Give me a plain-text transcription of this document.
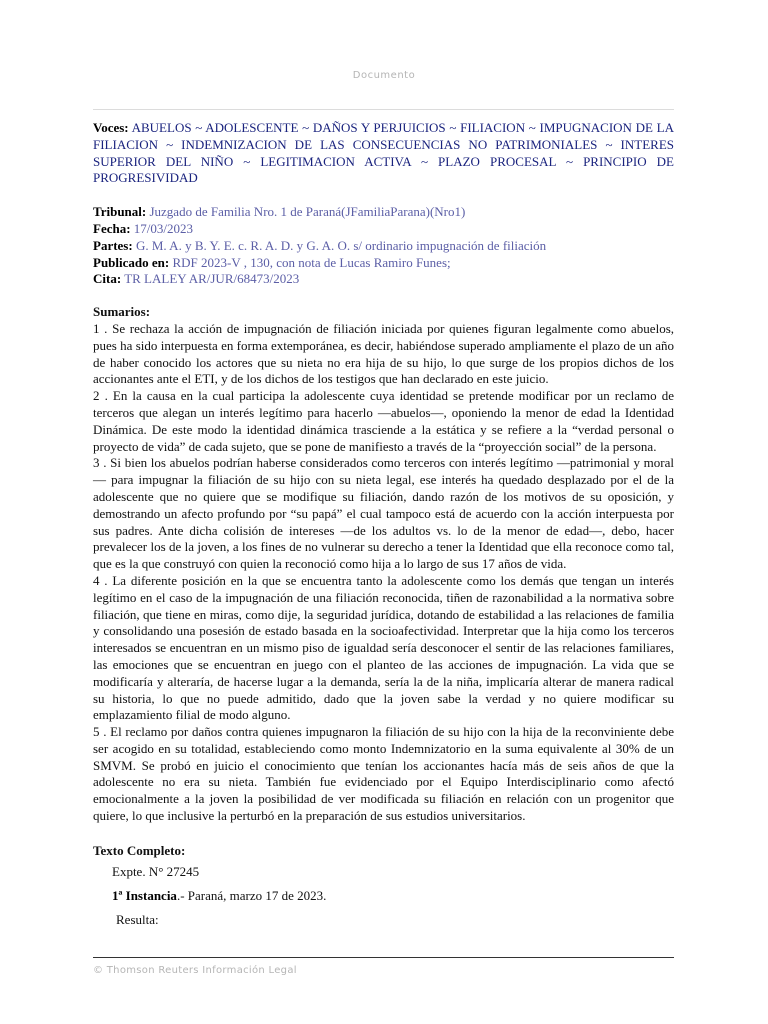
Documento

Voces: ABUELOS ~ ADOLESCENTE ~ DAÑOS Y PERJUICIOS ~ FILIACION ~ IMPUGNACION DE LA FILIACION ~ INDEMNIZACION DE LAS CONSECUENCIAS NO PATRIMONIALES ~ INTERES SUPERIOR DEL NIÑO ~ LEGITIMACION ACTIVA ~ PLAZO PROCESAL ~ PRINCIPIO DE PROGRESIVIDAD

Tribunal: Juzgado de Familia Nro. 1 de Paraná(JFamiliaParana)(Nro1)
Fecha: 17/03/2023
Partes: G. M. A. y B. Y. E. c. R. A. D. y G. A. O. s/ ordinario impugnación de filiación
Publicado en: RDF 2023-V , 130, con nota de Lucas Ramiro Funes;
Cita: TR LALEY AR/JUR/68473/2023
Sumarios:

1 . Se rechaza la acción de impugnación de filiación iniciada por quienes figuran legalmente como abuelos, pues ha sido interpuesta en forma extemporánea, es decir, habiéndose superado ampliamente el plazo de un año de haber conocido los actores que su nieta no era hija de su hijo, lo que surge de los propios dichos de los accionantes ante el ETI, y de los dichos de los testigos que han declarado en este juicio.

2 . En la causa en la cual participa la adolescente cuya identidad se pretende modificar por un reclamo de terceros que alegan un interés legítimo para hacerlo —abuelos—, oponiendo la menor de edad la Identidad Dinámica. De este modo la identidad dinámica trasciende a la estática y se refiere a la “verdad personal o proyecto de vida” de cada sujeto, que se pone de manifiesto a través de la “proyección social” de la persona.

3 . Si bien los abuelos podrían haberse considerados como terceros con interés legítimo —patrimonial y moral— para impugnar la filiación de su hijo con su nieta legal, ese interés ha quedado desplazado por el de la adolescente que no quiere que se modifique su filiación, dando razón de los motivos de su oposición, y demostrando un afecto profundo por “su papá” el cual tampoco está de acuerdo con la acción interpuesta por sus padres. Ante dicha colisión de intereses —de los adultos vs. lo de la menor de edad—, debo, hacer prevalecer los de la joven, a los fines de no vulnerar su derecho a tener la Identidad que ella reconoce como tal, que es la que construyó con quien la reconoció como hija a lo largo de sus 17 años de vida.

4 . La diferente posición en la que se encuentra tanto la adolescente como los demás que tengan un interés legítimo en el caso de la impugnación de una filiación reconocida, tiñen de razonabilidad a la normativa sobre filiación, que tiene en miras, como dije, la seguridad jurídica, dotando de estabilidad a las relaciones de familia y consolidando una posesión de estado basada en la socioafectividad. Interpretar que la hija como los terceros interesados se encuentran en un mismo piso de igualdad sería desconocer el sentir de las relaciones familiares, las emociones que se encuentran en juego con el planteo de las acciones de impugnación. La vida que se modificaría y alteraría, de hacerse lugar a la demanda, sería la de la niña, implicaría alterar de manera radical su historia, lo que no puede admitido, dado que la joven sabe la verdad y no quiere modificar su emplazamiento filial de modo alguno.

5 . El reclamo por daños contra quienes impugnaron la filiación de su hijo con la hija de la reconviniente debe ser acogido en su totalidad, estableciendo como monto Indemnizatorio en la suma equivalente al 30% de un SMVM. Se probó en juicio el conocimiento que tenían los accionantes hacía más de seis años de que la adolescente no era su nieta. También fue evidenciado por el Equipo Interdisciplinario como afectó emocionalmente a la joven la posibilidad de ver modificada su filiación en relación con un progenitor que quiere, lo que inclusive la perturbó en la preparación de sus estudios universitarios.

Texto Completo:
Expte. N° 27245
1ª Instancia.- Paraná, marzo 17 de 2023.
Resulta:
© Thomson Reuters Información Legal
